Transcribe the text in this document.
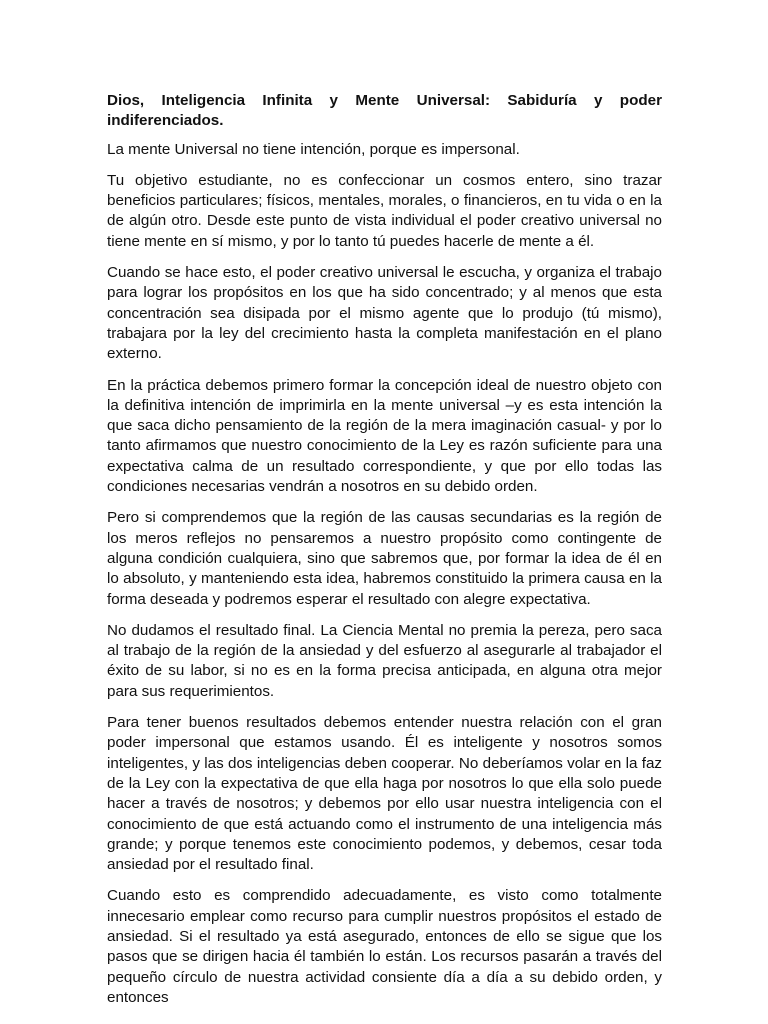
Dios, Inteligencia Infinita y Mente Universal: Sabiduría y poder indiferenciados.

La mente Universal no tiene intención, porque es impersonal.

Tu objetivo estudiante, no es confeccionar un cosmos entero, sino trazar beneficios particulares; físicos, mentales, morales, o financieros, en tu vida o en la de algún otro. Desde este punto de vista individual el poder creativo universal no tiene mente en sí mismo, y por lo tanto tú puedes hacerle de mente a él.

Cuando se hace esto, el poder creativo universal le escucha, y organiza el trabajo para lograr los propósitos en los que ha sido concentrado; y al menos que esta concentración sea disipada por el mismo agente que lo produjo (tú mismo), trabajara por la ley del crecimiento hasta la completa manifestación en el plano externo.

En la práctica debemos primero formar la concepción ideal de nuestro objeto con la definitiva intención de imprimirla en la mente universal –y es esta intención la que saca dicho pensamiento de la región de la mera imaginación casual- y por lo tanto afirmamos que nuestro conocimiento de la Ley es razón suficiente para una expectativa calma de un resultado correspondiente, y que por ello todas las condiciones necesarias vendrán a nosotros en su debido orden.

Pero si comprendemos que la región de las causas secundarias es la región de los meros reflejos no pensaremos a nuestro propósito como contingente de alguna condición cualquiera, sino que sabremos que, por formar la idea de él en lo absoluto, y manteniendo esta idea, habremos constituido la primera causa en la forma deseada y podremos esperar el resultado con alegre expectativa.

No dudamos el resultado final. La Ciencia Mental no premia la pereza, pero saca al trabajo de la región de la ansiedad y del esfuerzo al asegurarle al trabajador el éxito de su labor, si no es en la forma precisa anticipada, en alguna otra mejor para sus requerimientos.

Para tener buenos resultados debemos entender nuestra relación con el gran poder impersonal que estamos usando. Él es inteligente y nosotros somos inteligentes, y las dos inteligencias deben cooperar. No deberíamos volar en la faz de la Ley con la expectativa de que ella haga por nosotros lo que ella solo puede hacer a través de nosotros; y debemos por ello usar nuestra inteligencia con el conocimiento de que está actuando como el instrumento de una inteligencia más grande; y porque tenemos este conocimiento podemos, y debemos, cesar toda ansiedad por el resultado final.

Cuando esto es comprendido adecuadamente, es visto como totalmente innecesario emplear como recurso para cumplir nuestros propósitos el estado de ansiedad. Si el resultado ya está asegurado, entonces de ello se sigue que los pasos que se dirigen hacia él también lo están. Los recursos pasarán a través del pequeño círculo de nuestra actividad consiente día a día a su debido orden, y entonces
